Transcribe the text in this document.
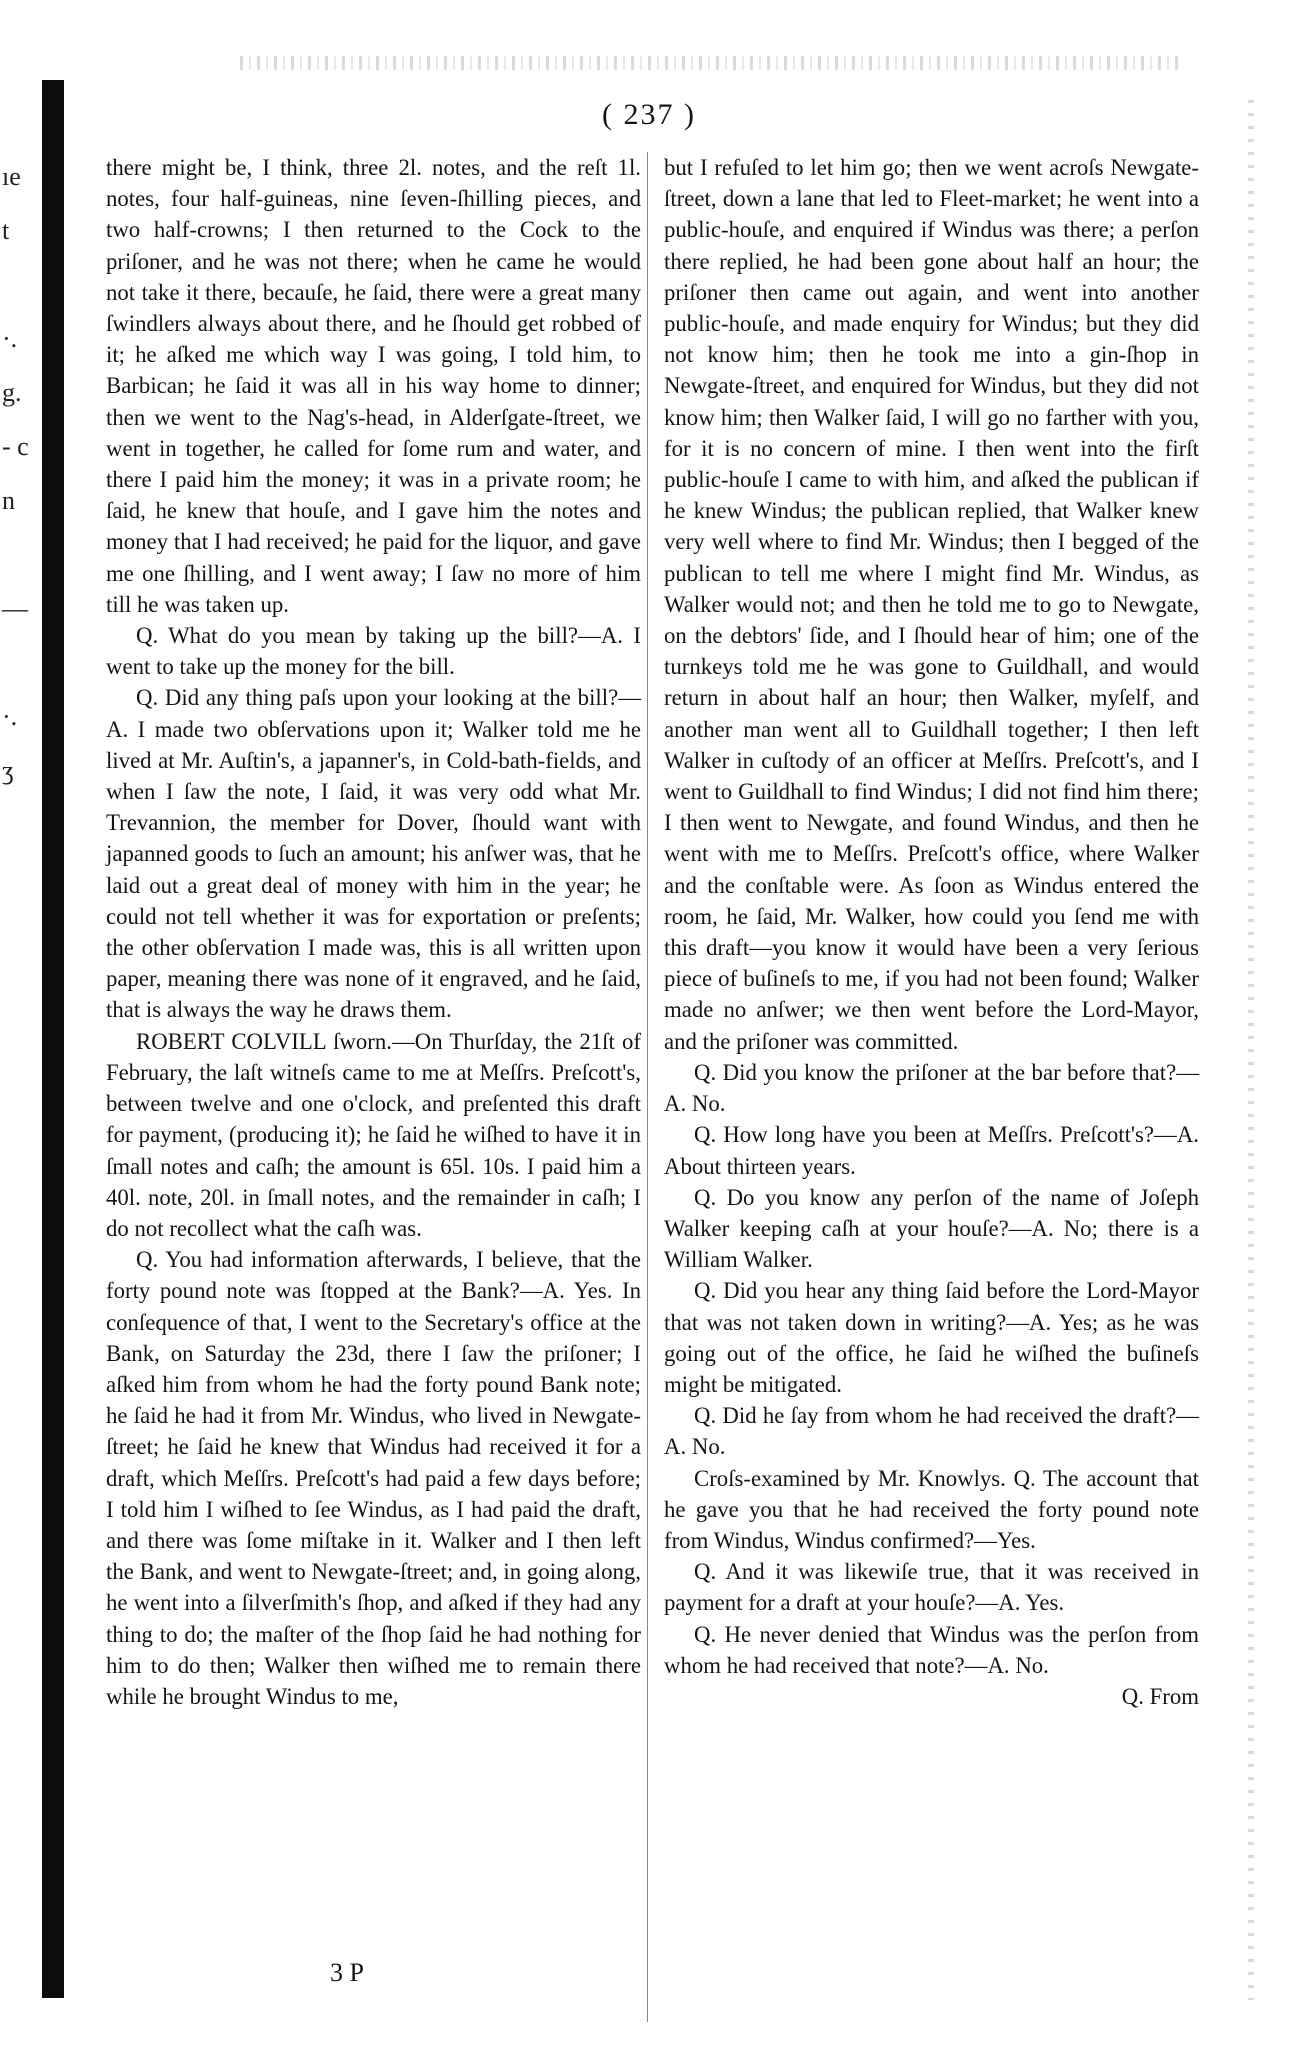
ıe
t
·.
g.
- c
n
—
·.
ʒ
( 237 )

there might be, I think, three 2l. notes, and the reſt 1l. notes, four half-guineas, nine ſeven-ſhilling pieces, and two half-crowns; I then returned to the Cock to the priſoner, and he was not there; when he came he would not take it there, becauſe, he ſaid, there were a great many ſwindlers always about there, and he ſhould get robbed of it; he aſked me which way I was going, I told him, to Barbican; he ſaid it was all in his way home to dinner; then we went to the Nag's-head, in Alderſgate-ſtreet, we went in together, he called for ſome rum and water, and there I paid him the money; it was in a private room; he ſaid, he knew that houſe, and I gave him the notes and money that I had received; he paid for the liquor, and gave me one ſhilling, and I went away; I ſaw no more of him till he was taken up.

Q. What do you mean by taking up the bill?—A. I went to take up the money for the bill.

Q. Did any thing paſs upon your looking at the bill?—A. I made two obſervations upon it; Walker told me he lived at Mr. Auſtin's, a japanner's, in Cold-bath-fields, and when I ſaw the note, I ſaid, it was very odd what Mr. Trevannion, the member for Dover, ſhould want with japanned goods to ſuch an amount; his anſwer was, that he laid out a great deal of money with him in the year; he could not tell whether it was for exportation or preſents; the other obſervation I made was, this is all written upon paper, meaning there was none of it engraved, and he ſaid, that is always the way he draws them.

ROBERT COLVILL ſworn.—On Thurſday, the 21ſt of February, the laſt witneſs came to me at Meſſrs. Preſcott's, between twelve and one o'clock, and preſented this draft for payment, (producing it); he ſaid he wiſhed to have it in ſmall notes and caſh; the amount is 65l. 10s. I paid him a 40l. note, 20l. in ſmall notes, and the remainder in caſh; I do not recollect what the caſh was.

Q. You had information afterwards, I believe, that the forty pound note was ſtopped at the Bank?—A. Yes. In conſequence of that, I went to the Secretary's office at the Bank, on Saturday the 23d, there I ſaw the priſoner; I aſked him from whom he had the forty pound Bank note; he ſaid he had it from Mr. Windus, who lived in Newgate-ſtreet; he ſaid he knew that Windus had received it for a draft, which Meſſrs. Preſcott's had paid a few days before; I told him I wiſhed to ſee Windus, as I had paid the draft, and there was ſome miſtake in it. Walker and I then left the Bank, and went to Newgate-ſtreet; and, in going along, he went into a ſilverſmith's ſhop, and aſked if they had any thing to do; the maſter of the ſhop ſaid he had nothing for him to do then; Walker then wiſhed me to remain there while he brought Windus to me,

but I refuſed to let him go; then we went acroſs Newgate-ſtreet, down a lane that led to Fleet-market; he went into a public-houſe, and enquired if Windus was there; a perſon there replied, he had been gone about half an hour; the priſoner then came out again, and went into another public-houſe, and made enquiry for Windus; but they did not know him; then he took me into a gin-ſhop in Newgate-ſtreet, and enquired for Windus, but they did not know him; then Walker ſaid, I will go no farther with you, for it is no concern of mine. I then went into the firſt public-houſe I came to with him, and aſked the publican if he knew Windus; the publican replied, that Walker knew very well where to find Mr. Windus; then I begged of the publican to tell me where I might find Mr. Windus, as Walker would not; and then he told me to go to Newgate, on the debtors' ſide, and I ſhould hear of him; one of the turnkeys told me he was gone to Guildhall, and would return in about half an hour; then Walker, myſelf, and another man went all to Guildhall together; I then left Walker in cuſtody of an officer at Meſſrs. Preſcott's, and I went to Guildhall to find Windus; I did not find him there; I then went to Newgate, and found Windus, and then he went with me to Meſſrs. Preſcott's office, where Walker and the conſtable were. As ſoon as Windus entered the room, he ſaid, Mr. Walker, how could you ſend me with this draft—you know it would have been a very ſerious piece of buſineſs to me, if you had not been found; Walker made no anſwer; we then went before the Lord-Mayor, and the priſoner was committed.

Q. Did you know the priſoner at the bar before that?—A. No.

Q. How long have you been at Meſſrs. Preſcott's?—A. About thirteen years.

Q. Do you know any perſon of the name of Joſeph Walker keeping caſh at your houſe?—A. No; there is a William Walker.

Q. Did you hear any thing ſaid before the Lord-Mayor that was not taken down in writing?—A. Yes; as he was going out of the office, he ſaid he wiſhed the buſineſs might be mitigated.

Q. Did he ſay from whom he had received the draft?—A. No.

Croſs-examined by Mr. Knowlys. Q. The account that he gave you that he had received the forty pound note from Windus, Windus confirmed?—Yes.

Q. And it was likewiſe true, that it was received in payment for a draft at your houſe?—A. Yes.

Q. He never denied that Windus was the perſon from whom he had received that note?—A. No.

Q. From

3 P
